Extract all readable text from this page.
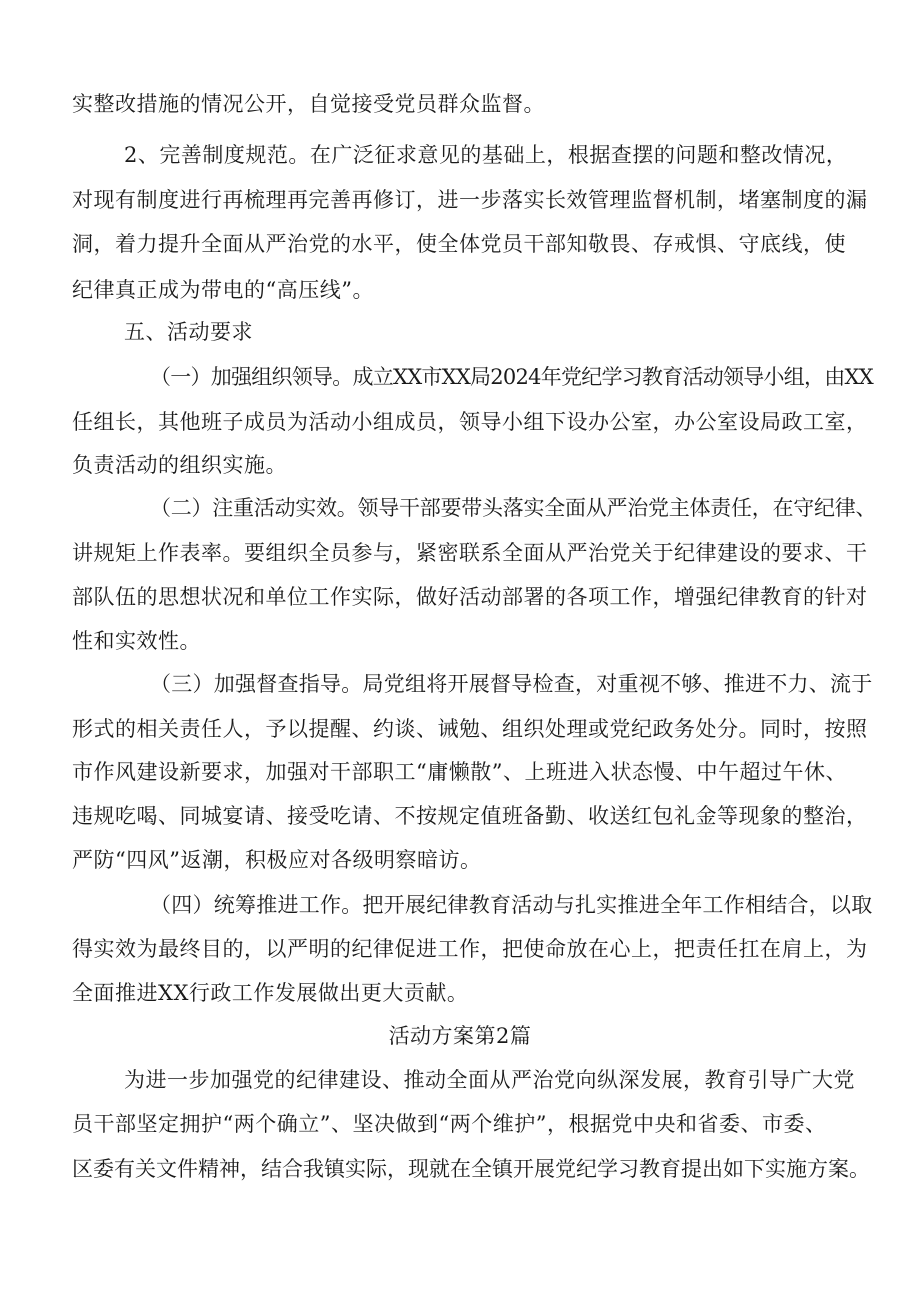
实整改措施的情况公开，自觉接受党员群众监督。
2、完善制度规范。在广泛征求意见的基础上，根据查摆的问题和整改情况，
对现有制度进行再梳理再完善再修订，进一步落实长效管理监督机制，堵塞制度的漏
洞，着力提升全面从严治党的水平，使全体党员干部知敬畏、存戒惧、守底线，使
纪律真正成为带电的“高压线”。
五、活动要求
（一）加强组织领导。成立XX市XX局2024年党纪学习教育活动领导小组，由XX
任组长，其他班子成员为活动小组成员，领导小组下设办公室，办公室设局政工室，
负责活动的组织实施。
（二）注重活动实效。领导干部要带头落实全面从严治党主体责任，在守纪律、
讲规矩上作表率。要组织全员参与，紧密联系全面从严治党关于纪律建设的要求、干
部队伍的思想状况和单位工作实际，做好活动部署的各项工作，增强纪律教育的针对
性和实效性。
（三）加强督查指导。局党组将开展督导检查，对重视不够、推进不力、流于
形式的相关责任人，予以提醒、约谈、诫勉、组织处理或党纪政务处分。同时，按照
市作风建设新要求，加强对干部职工“庸懒散”、上班进入状态慢、中午超过午休、
违规吃喝、同城宴请、接受吃请、不按规定值班备勤、收送红包礼金等现象的整治，
严防“四风”返潮，积极应对各级明察暗访。
（四）统筹推进工作。把开展纪律教育活动与扎实推进全年工作相结合，以取
得实效为最终目的，以严明的纪律促进工作，把使命放在心上，把责任扛在肩上，为
全面推进XX行政工作发展做出更大贡献。
活动方案第2篇
为进一步加强党的纪律建设、推动全面从严治党向纵深发展，教育引导广大党
员干部坚定拥护“两个确立”、坚决做到“两个维护”，根据党中央和省委、市委、
区委有关文件精神，结合我镇实际，现就在全镇开展党纪学习教育提出如下实施方案。
